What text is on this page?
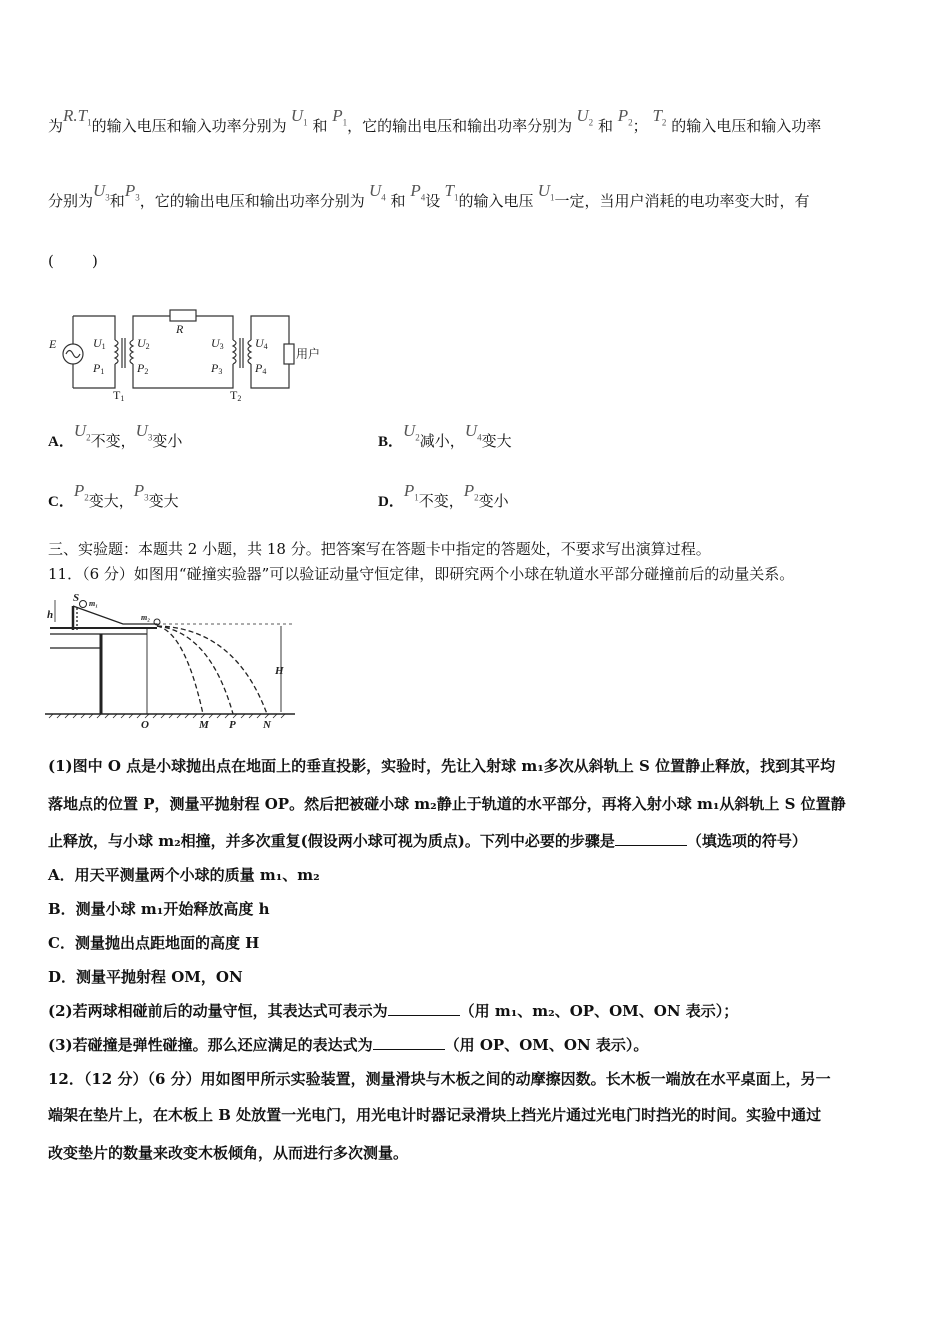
为$R.T_1$的输入电压和输入功率分别为 $U_1$ 和 $P_1$，它的输出电压和输出功率分别为 $U_2$ 和 $P_2$； $T_2$ 的输入电压和输入功率
分别为$U_3$和$P_3$，它的输出电压和输出功率分别为 $U_4$ 和 $P_4$设 $T_1$的输入电压 $U_1$一定，当用户消耗的电功率变大时，有
(        )
E
R
U1
P1
U2
P2
U3
P3
U4
P4
T1	T2
用户
A．$U_2$不变，$U_3$变小	B．$U_2$减小，$U_4$变大
C．$P_2$变大，$P_3$变大	D．$P_1$不变，$P_2$变小
三、实验题：本题共 2 小题，共 18 分。把答案写在答题卡中指定的答题处，不要求写出演算过程。
11．（6 分）如图用“碰撞实验器”可以验证动量守恒定律，即研究两个小球在轨道水平部分碰撞前后的动量关系。
S m₁
m₂
h
H
O	M P N
(1)图中 O 点是小球抛出点在地面上的垂直投影，实验时，先让入射球 m₁多次从斜轨上 S 位置静止释放，找到其平均
落地点的位置 P，测量平抛射程 OP。然后把被碰小球 m₂静止于轨道的水平部分，再将入射小球 m₁从斜轨上 S 位置静
止释放，与小球 m₂相撞，并多次重复(假设两小球可视为质点)。下列中必要的步骤是	（填选项的符号）
A．用天平测量两个小球的质量 m₁、m₂
B．测量小球 m₁开始释放高度 h
C．测量抛出点距地面的高度 H
D．测量平抛射程 OM，ON
(2)若两球相碰前后的动量守恒，其表达式可表示为	（用 m₁、m₂、OP、OM、ON 表示）；
(3)若碰撞是弹性碰撞。那么还应满足的表达式为	（用 OP、OM、ON 表示）。
12．（12 分）（6 分）用如图甲所示实验装置，测量滑块与木板之间的动摩擦因数。长木板一端放在水平桌面上，另一
端架在垫片上，在木板上 B 处放置一光电门，用光电计时器记录滑块上挡光片通过光电门时挡光的时间。实验中通过
改变垫片的数量来改变木板倾角，从而进行多次测量。
